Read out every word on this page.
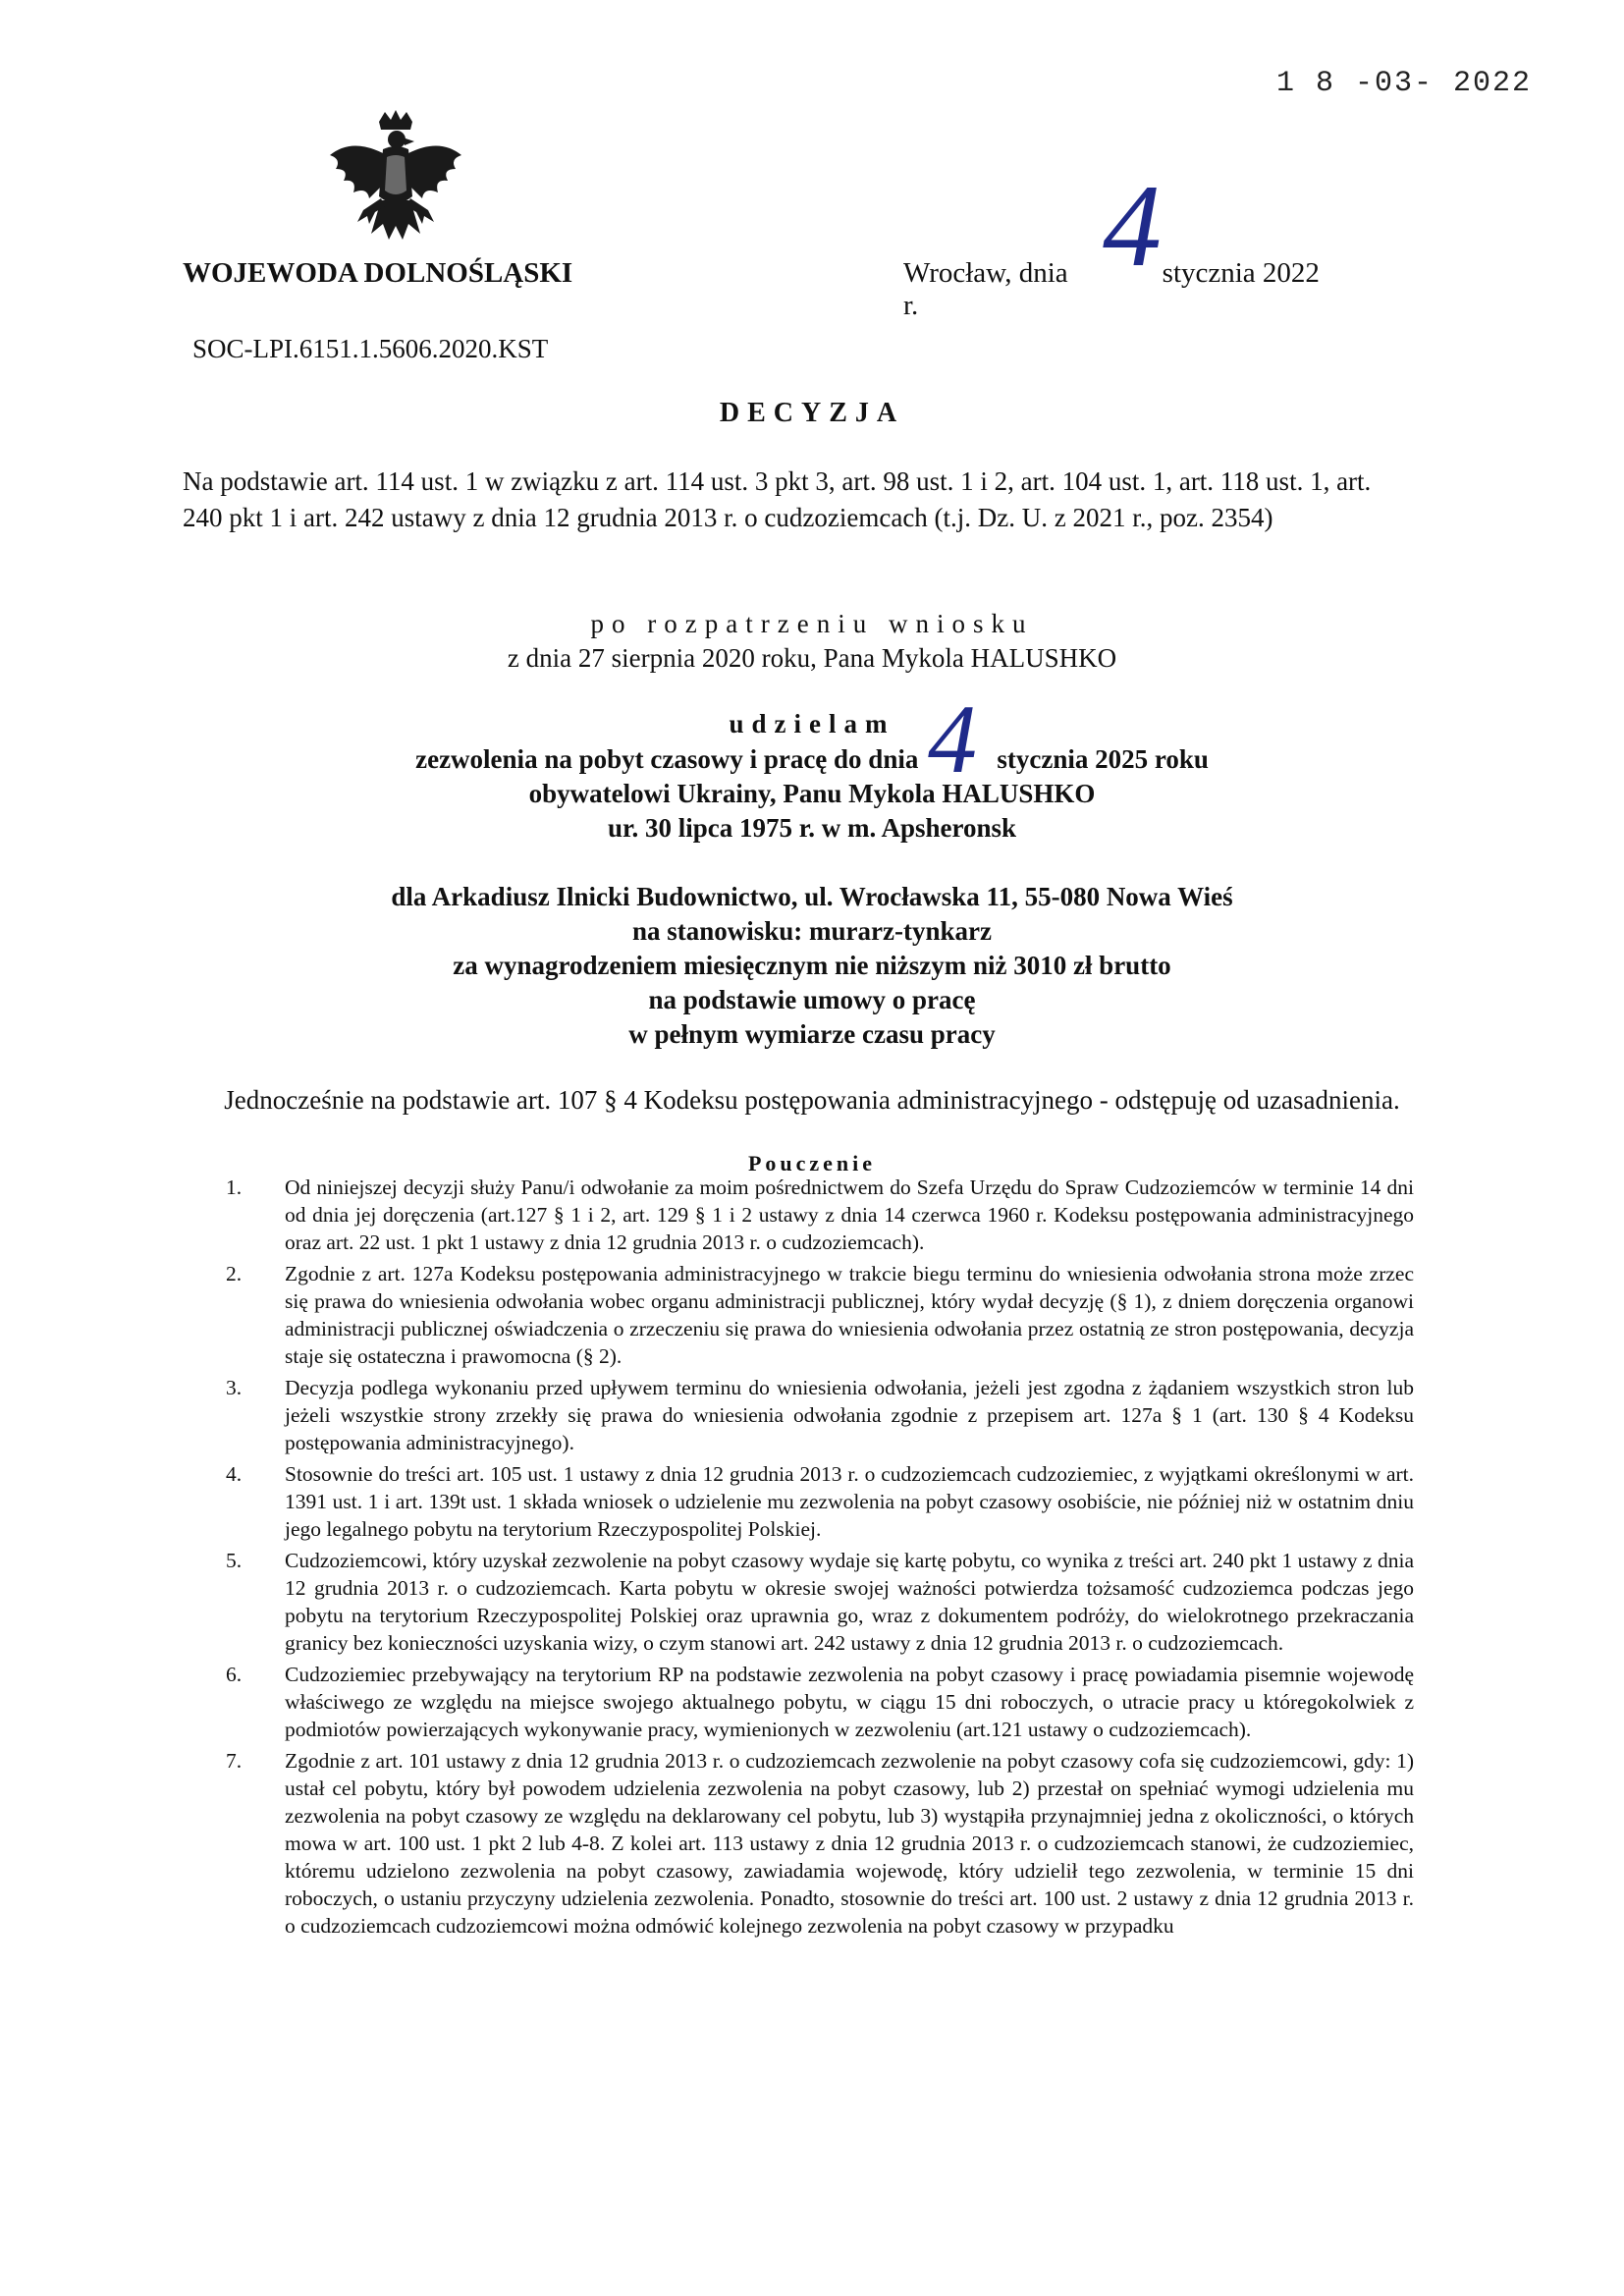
1 8 -03- 2022
WOJEWODA DOLNOŚLĄSKI	Wrocław, dnia	stycznia 2022 r.
4
SOC-LPI.6151.1.5606.2020.KST
DECYZJA
Na podstawie art. 114 ust. 1 w związku z art. 114 ust. 3 pkt 3, art. 98 ust. 1 i 2, art. 104 ust. 1, art. 118 ust. 1, art. 240 pkt 1 i art. 242 ustawy z dnia 12 grudnia 2013 r. o cudzoziemcach (t.j. Dz. U. z 2021 r., poz. 2354)
po rozpatrzeniu wniosku
z dnia 27 sierpnia 2020 roku, Pana Mykola HALUSHKO
udzielam 4
zezwolenia na pobyt czasowy i pracę do dnia	stycznia 2025 roku
obywatelowi Ukrainy, Panu Mykola HALUSHKO
ur. 30 lipca 1975 r. w m. Apsheronsk
dla Arkadiusz Ilnicki Budownictwo, ul. Wrocławska 11, 55-080 Nowa Wieś
na stanowisku: murarz-tynkarz
za wynagrodzeniem miesięcznym nie niższym niż 3010 zł brutto
na podstawie umowy o pracę
w pełnym wymiarze czasu pracy
Jednocześnie na podstawie art. 107 § 4 Kodeksu postępowania administracyjnego - odstępuję od uzasadnienia.
Pouczenie
1. Od niniejszej decyzji służy Panu/i odwołanie za moim pośrednictwem do Szefa Urzędu do Spraw Cudzoziemców w terminie 14 dni od dnia jej doręczenia (art.127 § 1 i 2, art. 129 § 1 i 2 ustawy z dnia 14 czerwca 1960 r. Kodeksu postępowania administracyjnego oraz art. 22 ust. 1 pkt 1 ustawy z dnia 12 grudnia 2013 r. o cudzoziemcach).
2. Zgodnie z art. 127a Kodeksu postępowania administracyjnego w trakcie biegu terminu do wniesienia odwołania strona może zrzec się prawa do wniesienia odwołania wobec organu administracji publicznej, który wydał decyzję (§ 1), z dniem doręczenia organowi administracji publicznej oświadczenia o zrzeczeniu się prawa do wniesienia odwołania przez ostatnią ze stron postępowania, decyzja staje się ostateczna i prawomocna (§ 2).
3. Decyzja podlega wykonaniu przed upływem terminu do wniesienia odwołania, jeżeli jest zgodna z żądaniem wszystkich stron lub jeżeli wszystkie strony zrzekły się prawa do wniesienia odwołania zgodnie z przepisem art. 127a § 1 (art. 130 § 4 Kodeksu postępowania administracyjnego).
4. Stosownie do treści art. 105 ust. 1 ustawy z dnia 12 grudnia 2013 r. o cudzoziemcach cudzoziemiec, z wyjątkami określonymi w art. 1391 ust. 1 i art. 139t ust. 1 składa wniosek o udzielenie mu zezwolenia na pobyt czasowy osobiście, nie później niż w ostatnim dniu jego legalnego pobytu na terytorium Rzeczypospolitej Polskiej.
5. Cudzoziemcowi, który uzyskał zezwolenie na pobyt czasowy wydaje się kartę pobytu, co wynika z treści art. 240 pkt 1 ustawy z dnia 12 grudnia 2013 r. o cudzoziemcach. Karta pobytu w okresie swojej ważności potwierdza tożsamość cudzoziemca podczas jego pobytu na terytorium Rzeczypospolitej Polskiej oraz uprawnia go, wraz z dokumentem podróży, do wielokrotnego przekraczania granicy bez konieczności uzyskania wizy, o czym stanowi art. 242 ustawy z dnia 12 grudnia 2013 r. o cudzoziemcach.
6. Cudzoziemiec przebywający na terytorium RP na podstawie zezwolenia na pobyt czasowy i pracę powiadamia pisemnie wojewodę właściwego ze względu na miejsce swojego aktualnego pobytu, w ciągu 15 dni roboczych, o utracie pracy u któregokolwiek z podmiotów powierzających wykonywanie pracy, wymienionych w zezwoleniu (art.121 ustawy o cudzoziemcach).
7. Zgodnie z art. 101 ustawy z dnia 12 grudnia 2013 r. o cudzoziemcach zezwolenie na pobyt czasowy cofa się cudzoziemcowi, gdy: 1) ustał cel pobytu, który był powodem udzielenia zezwolenia na pobyt czasowy, lub 2) przestał on spełniać wymogi udzielenia mu zezwolenia na pobyt czasowy ze względu na deklarowany cel pobytu, lub 3) wystąpiła przynajmniej jedna z okoliczności, o których mowa w art. 100 ust. 1 pkt 2 lub 4-8. Z kolei art. 113 ustawy z dnia 12 grudnia 2013 r. o cudzoziemcach stanowi, że cudzoziemiec, któremu udzielono zezwolenia na pobyt czasowy, zawiadamia wojewodę, który udzielił tego zezwolenia, w terminie 15 dni roboczych, o ustaniu przyczyny udzielenia zezwolenia. Ponadto, stosownie do treści art. 100 ust. 2 ustawy z dnia 12 grudnia 2013 r. o cudzoziemcach cudzoziemcowi można odmówić kolejnego zezwolenia na pobyt czasowy w przypadku
